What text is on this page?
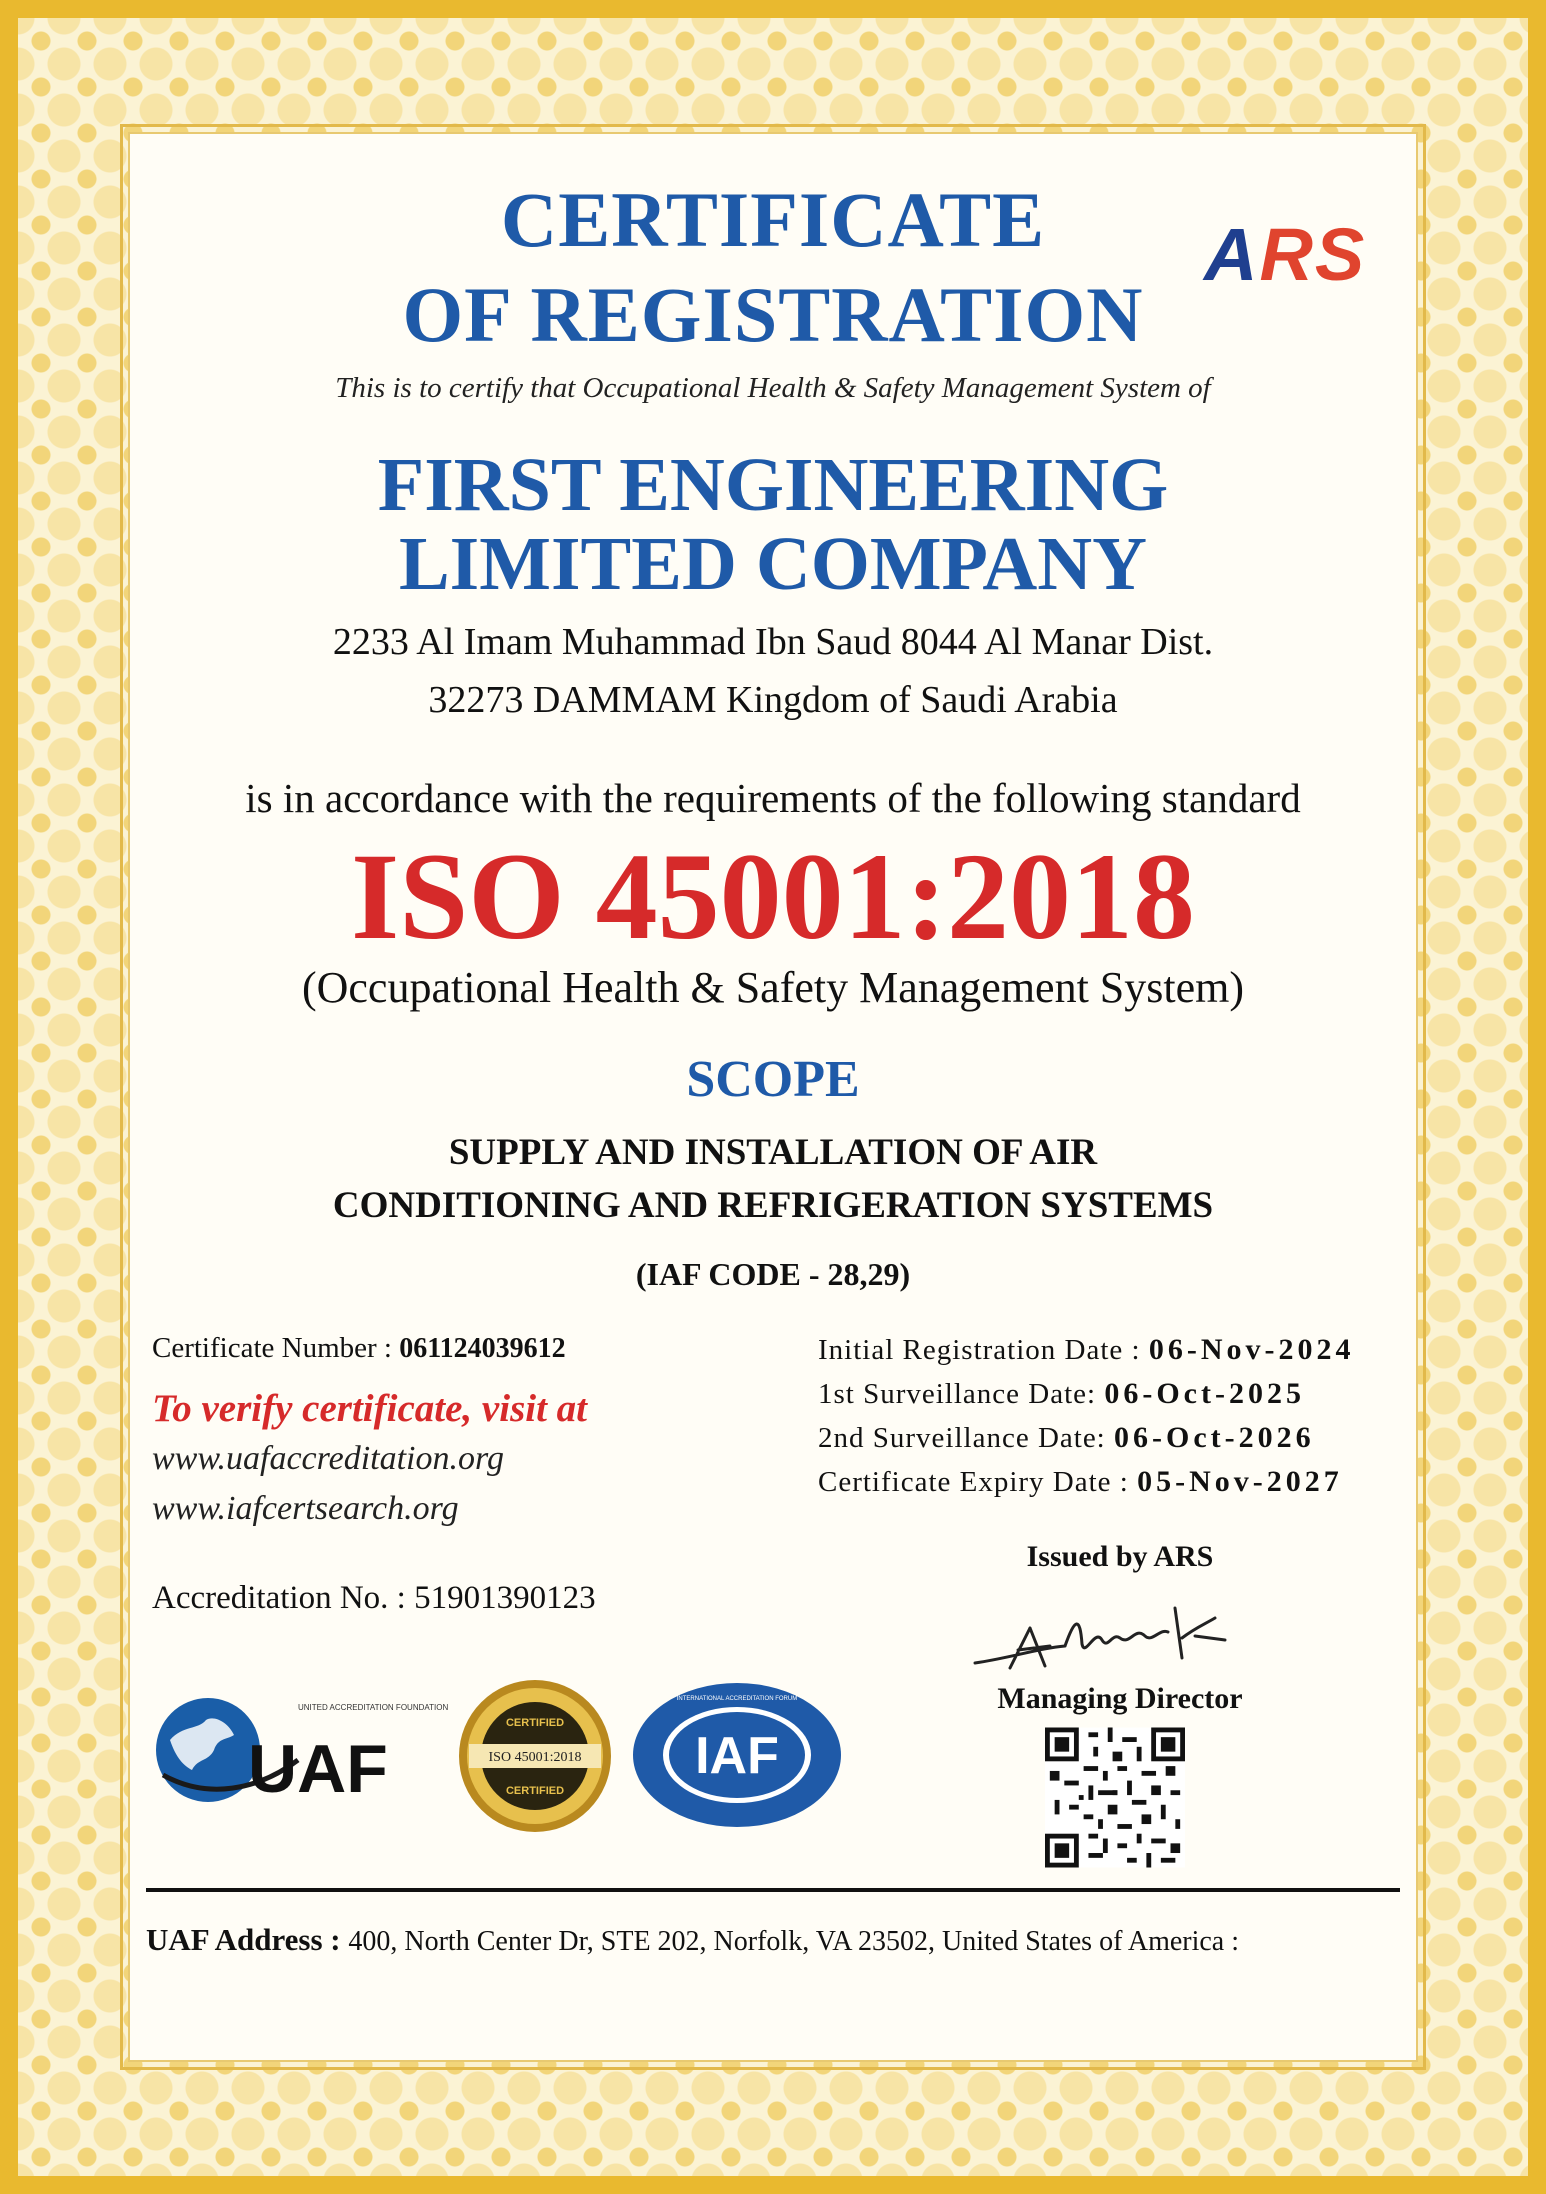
CERTIFICATE
OF REGISTRATION
ARS
This is to certify that Occupational Health & Safety Management System of
FIRST ENGINEERING
LIMITED COMPANY
2233 Al Imam Muhammad Ibn Saud 8044 Al Manar Dist.
32273 DAMMAM Kingdom of Saudi Arabia
is in accordance with the requirements of the following standard
ISO 45001:2018
(Occupational Health & Safety Management System)
SCOPE
SUPPLY AND INSTALLATION OF AIR
CONDITIONING AND REFRIGERATION SYSTEMS
(IAF CODE - 28,29)
Certificate Number : 061124039612
To verify certificate, visit at
www.uafaccreditation.org
www.iafcertsearch.org
Accreditation No. : 51901390123
Initial Registration Date : 06-Nov-2024
1st Surveillance Date: 06-Oct-2025
2nd Surveillance Date: 06-Oct-2026
Certificate Expiry Date : 05-Nov-2027
Issued by ARS
Managing Director
UAF
UNITED ACCREDITATION FOUNDATION
ISO 45001:2018
CERTIFIED
CERTIFIED
IAF
INTERNATIONAL ACCREDITATION FORUM
UAF Address : 400, North Center Dr, STE 202, Norfolk, VA 23502, United States of America :
